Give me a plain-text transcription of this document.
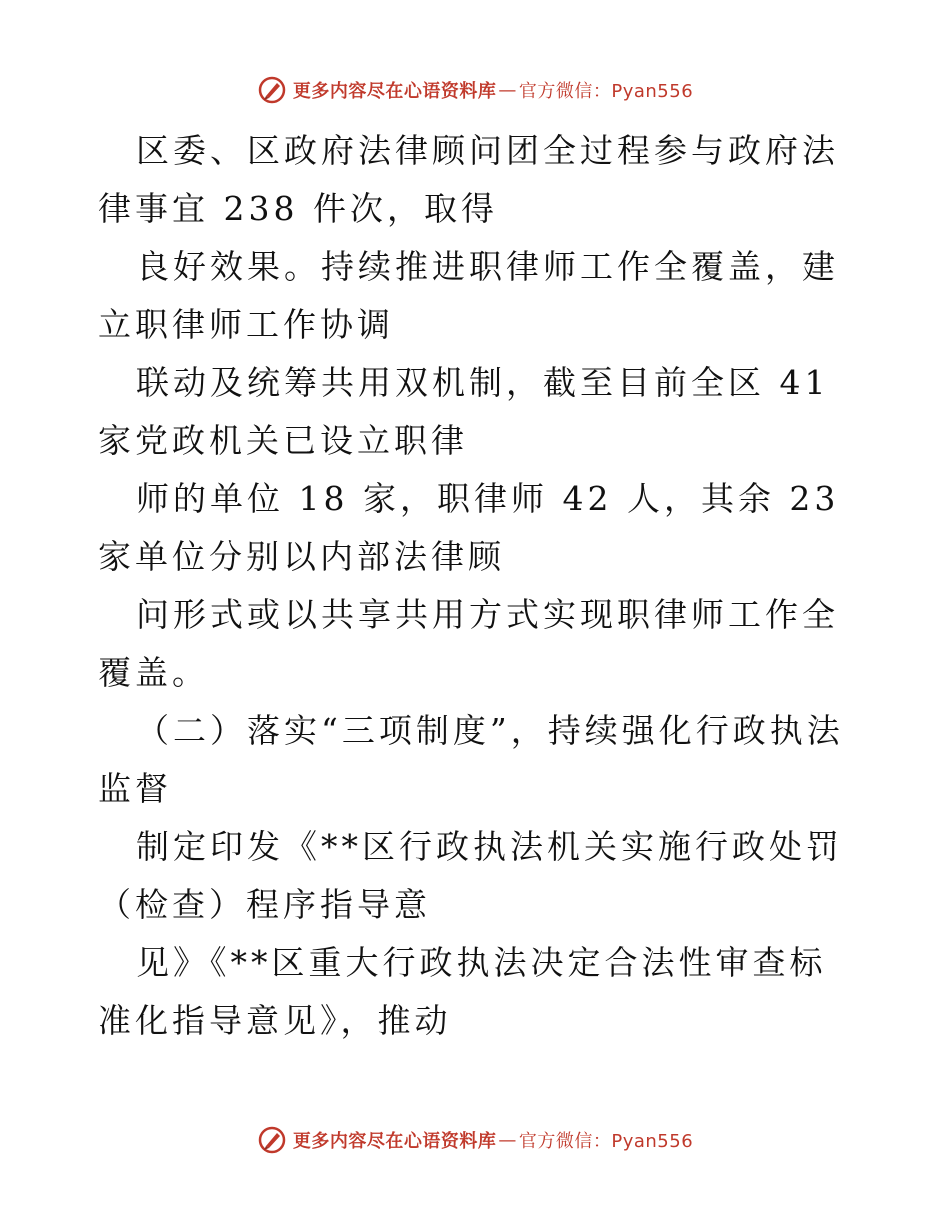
更多内容尽在心语资料库 — 官方微信：Pyan556

区委、区政府法律顾问团全过程参与政府法律事宜 238 件次，取得

良好效果。持续推进职律师工作全覆盖，建立职律师工作协调

联动及统筹共用双机制，截至目前全区 41 家党政机关已设立职律

师的单位 18 家，职律师 42 人，其余 23 家单位分别以内部法律顾

问形式或以共享共用方式实现职律师工作全覆盖。

（二）落实“三项制度”，持续强化行政执法监督

制定印发《**区行政执法机关实施行政处罚（检查）程序指导意

见》《**区重大行政执法决定合法性审查标准化指导意见》，推动

更多内容尽在心语资料库 — 官方微信：Pyan556
